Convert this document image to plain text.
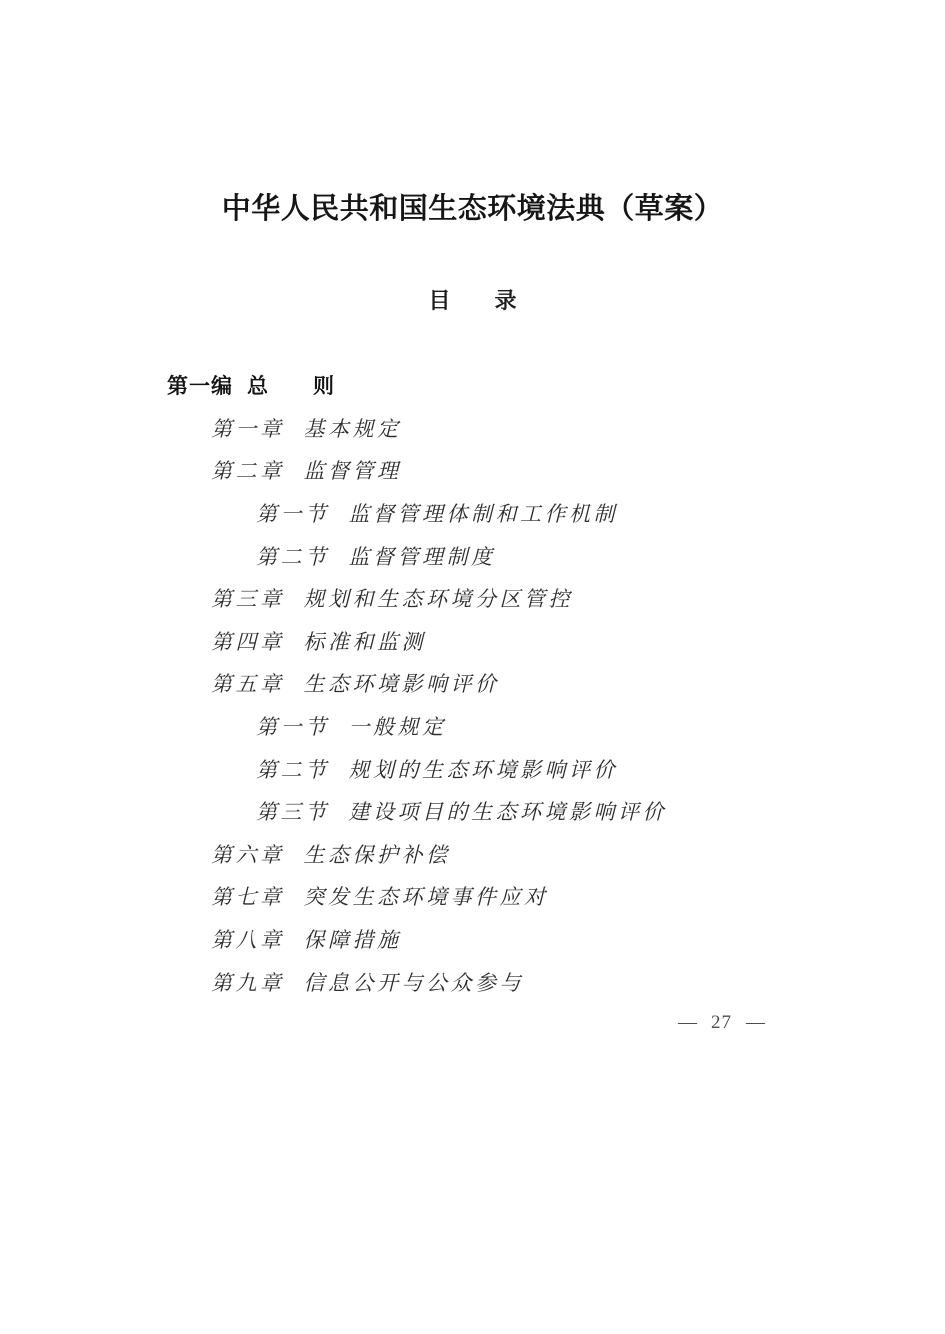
中华人民共和国生态环境法典（草案）
目　　录
第一编 总　　则
第一章 基本规定
第二章 监督管理
第一节 监督管理体制和工作机制
第二节 监督管理制度
第三章 规划和生态环境分区管控
第四章 标准和监测
第五章 生态环境影响评价
第一节 一般规定
第二节 规划的生态环境影响评价
第三节 建设项目的生态环境影响评价
第六章 生态保护补偿
第七章 突发生态环境事件应对
第八章 保障措施
第九章 信息公开与公众参与
— 27 —
